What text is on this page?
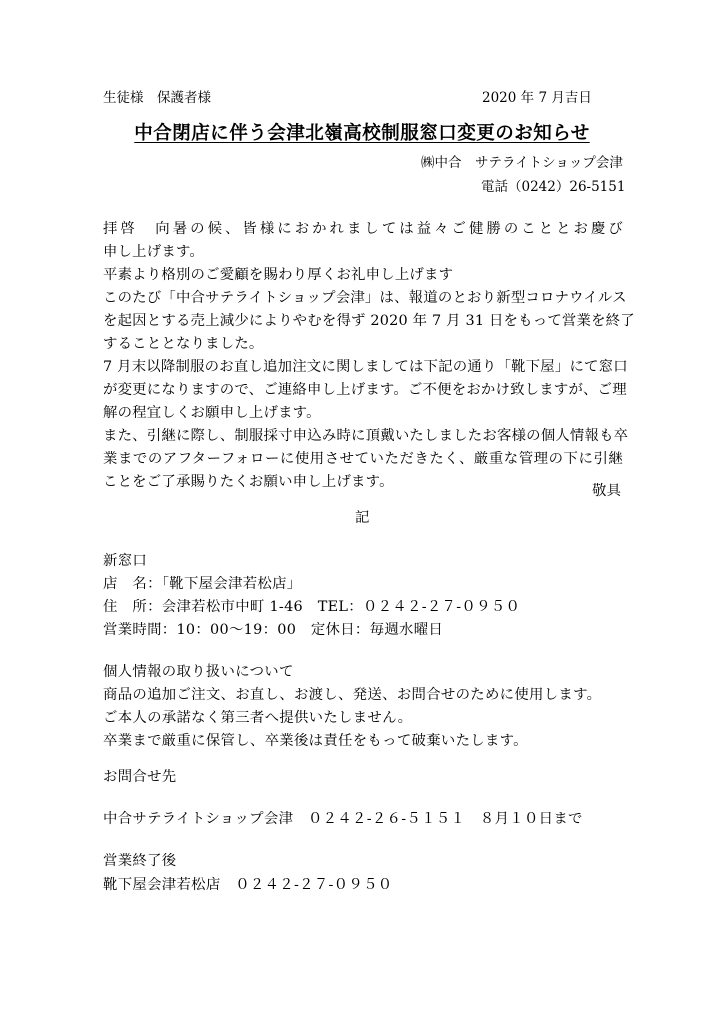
生徒様　保護者様	2020 年 7 月吉日
中合閉店に伴う会津北嶺高校制服窓口変更のお知らせ
㈱中合　サテライトショップ会津
電話（0242）26-5151
拝啓　向暑の候、皆様におかれましては益々ご健勝のこととお慶び
申し上げます。
平素より格別のご愛顧を賜わり厚くお礼申し上げます
このたび「中合サテライトショップ会津」は、報道のとおり新型コロナウイルス
を起因とする売上減少によりやむを得ず 2020 年 7 月 31 日をもって営業を終了
することとなりました。
7 月末以降制服のお直し追加注文に関しましては下記の通り「靴下屋」にて窓口
が変更になりますので、ご連絡申し上げます。ご不便をおかけ致しますが、ご理
解の程宜しくお願申し上げます。
また、引継に際し、制服採寸申込み時に頂戴いたしましたお客様の個人情報も卒
業までのアフターフォローに使用させていただきたく、厳重な管理の下に引継
ことをご了承賜りたくお願い申し上げます。
敬具
記
新窓口
店　名：「靴下屋会津若松店」
住　所：会津若松市中町 1-46　TEL：０２４２-２７-０９５０
営業時間：10：00～19：00　定休日：毎週水曜日
個人情報の取り扱いについて
商品の追加ご注文、お直し、お渡し、発送、お問合せのために使用します。
ご本人の承諾なく第三者へ提供いたしません。
卒業まで厳重に保管し、卒業後は責任をもって破棄いたします。
お問合せ先
中合サテライトショップ会津　０２４２-２６-５１５１　８月１０日まで
営業終了後
靴下屋会津若松店　０２４２-２７-０９５０
